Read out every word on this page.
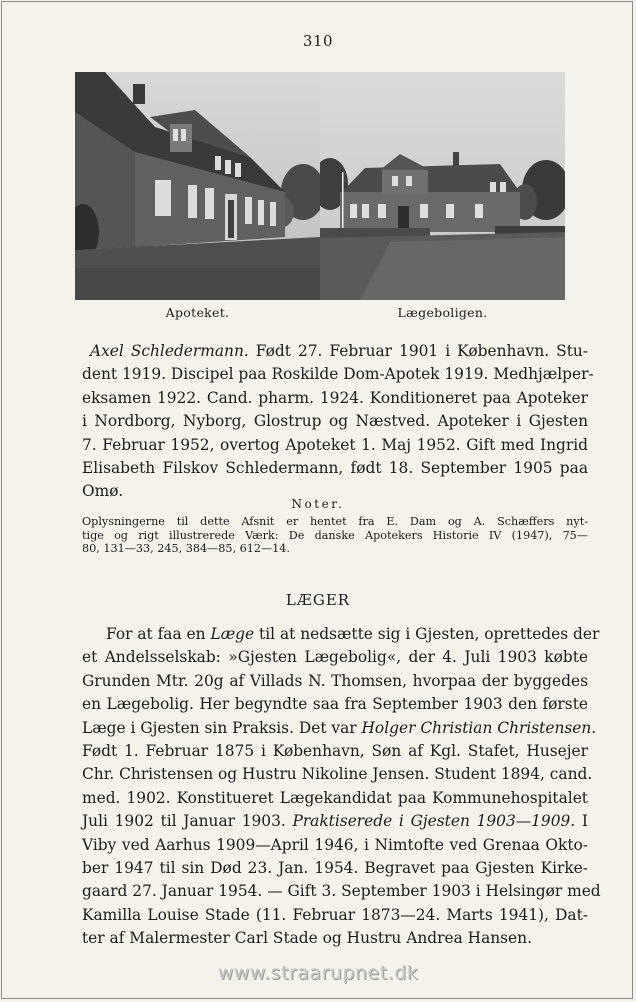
310
Apoteket.	Lægeboligen.
Axel Schledermann. Født 27. Februar 1901 i København. Stu-
dent 1919. Discipel paa Roskilde Dom-Apotek 1919. Medhjælper-
eksamen 1922. Cand. pharm. 1924. Konditioneret paa Apoteker
i Nordborg, Nyborg, Glostrup og Næstved. Apoteker i Gjesten
7. Februar 1952, overtog Apoteket 1. Maj 1952. Gift med Ingrid
Elisabeth Filskov Schledermann, født 18. September 1905 paa
Omø.
Noter.
Oplysningerne til dette Afsnit er hentet fra E. Dam og A. Schæffers nyt-
tige og rigt illustrerede Værk: De danske Apotekers Historie IV (1947), 75—
80, 131—33, 245, 384—85, 612—14.
LÆGER
For at faa en Læge til at nedsætte sig i Gjesten, oprettedes der
et Andelsselskab: »Gjesten Lægebolig«, der 4. Juli 1903 købte
Grunden Mtr. 20g af Villads N. Thomsen, hvorpaa der byggedes
en Lægebolig. Her begyndte saa fra September 1903 den første
Læge i Gjesten sin Praksis. Det var Holger Christian Christensen.
Født 1. Februar 1875 i København, Søn af Kgl. Stafet, Husejer
Chr. Christensen og Hustru Nikoline Jensen. Student 1894, cand.
med. 1902. Konstitueret Lægekandidat paa Kommunehospitalet
Juli 1902 til Januar 1903. Praktiserede i Gjesten 1903—1909. I
Viby ved Aarhus 1909—April 1946, i Nimtofte ved Grenaa Okto-
ber 1947 til sin Død 23. Jan. 1954. Begravet paa Gjesten Kirke-
gaard 27. Januar 1954. — Gift 3. September 1903 i Helsingør med
Kamilla Louise Stade (11. Februar 1873—24. Marts 1941), Dat-
ter af Malermester Carl Stade og Hustru Andrea Hansen.
www.straarupnet.dk
